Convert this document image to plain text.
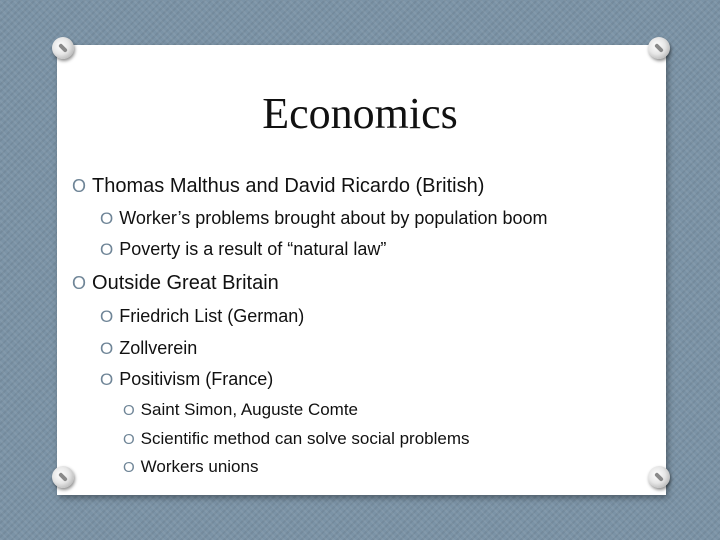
Economics
O Thomas Malthus and David Ricardo (British)
O Worker’s problems brought about by population boom
O Poverty is a result of “natural law”
O Outside Great Britain
O Friedrich List (German)
O Zollverein
O Positivism (France)
O Saint Simon, Auguste Comte
O Scientific method can solve social problems
O Workers unions
